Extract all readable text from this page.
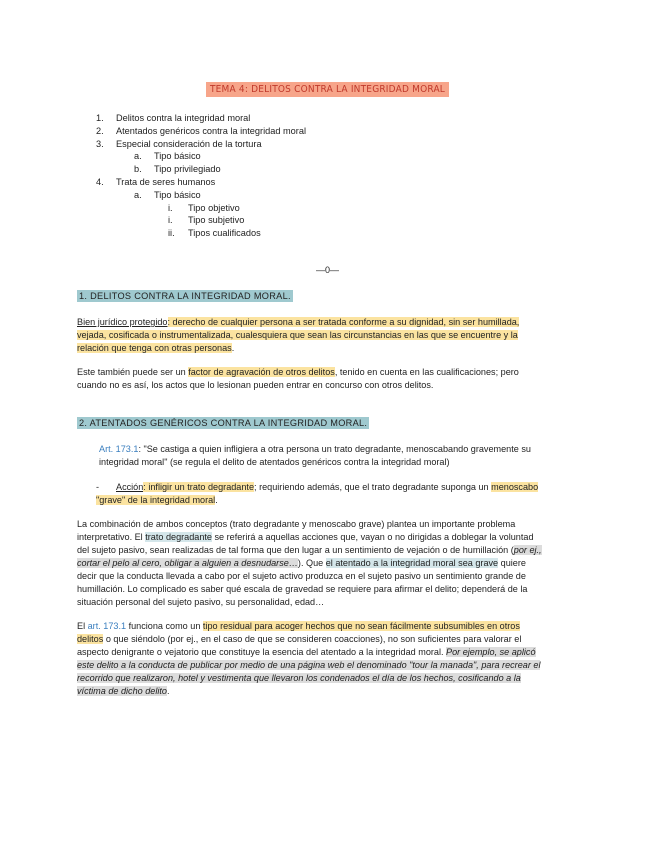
TEMA 4: DELITOS CONTRA LA INTEGRIDAD MORAL
1.	Delitos contra la integridad moral
2.	Atentados genéricos contra la integridad moral
3.	Especial consideración de la tortura
a.	Tipo básico
b.	Tipo privilegiado
4.	Trata de seres humanos
a.	Tipo básico
i.	Tipo objetivo
i.	Tipo subjetivo
ii.	Tipos cualificados
—0—
1. DELITOS CONTRA LA INTEGRIDAD MORAL.
Bien jurídico protegido: derecho de cualquier persona a ser tratada conforme a su dignidad, sin ser humillada, vejada, cosificada o instrumentalizada, cualesquiera que sean las circunstancias en las que se encuentre y la relación que tenga con otras personas.
Este también puede ser un factor de agravación de otros delitos, tenido en cuenta en las cualificaciones; pero cuando no es así, los actos que lo lesionan pueden entrar en concurso con otros delitos.
2. ATENTADOS GENÉRICOS CONTRA LA INTEGRIDAD MORAL.
Art. 173.1: "Se castiga a quien infligiera a otra persona un trato degradante, menoscabando gravemente su integridad moral" (se regula el delito de atentados genéricos contra la integridad moral)
- Acción: infligir un trato degradante; requiriendo además, que el trato degradante suponga un menoscabo "grave" de la integridad moral.
La combinación de ambos conceptos (trato degradante y menoscabo grave) plantea un importante problema interpretativo. El trato degradante se referirá a aquellas acciones que, vayan o no dirigidas a doblegar la voluntad del sujeto pasivo, sean realizadas de tal forma que den lugar a un sentimiento de vejación o de humillación (por ej., cortar el pelo al cero, obligar a alguien a desnudarse…). Que el atentado a la integridad moral sea grave quiere decir que la conducta llevada a cabo por el sujeto activo produzca en el sujeto pasivo un sentimiento grande de humillación. Lo complicado es saber qué escala de gravedad se requiere para afirmar el delito; dependerá de la situación personal del sujeto pasivo, su personalidad, edad…
El art. 173.1 funciona como un tipo residual para acoger hechos que no sean fácilmente subsumibles en otros delitos o que siéndolo (por ej., en el caso de que se consideren coacciones), no son suficientes para valorar el aspecto denigrante o vejatorio que constituye la esencia del atentado a la integridad moral. Por ejemplo, se aplicó este delito a la conducta de publicar por medio de una página web el denominado "tour la manada", para recrear el recorrido que realizaron, hotel y vestimenta que llevaron los condenados el día de los hechos, cosificando a la víctima de dicho delito.
